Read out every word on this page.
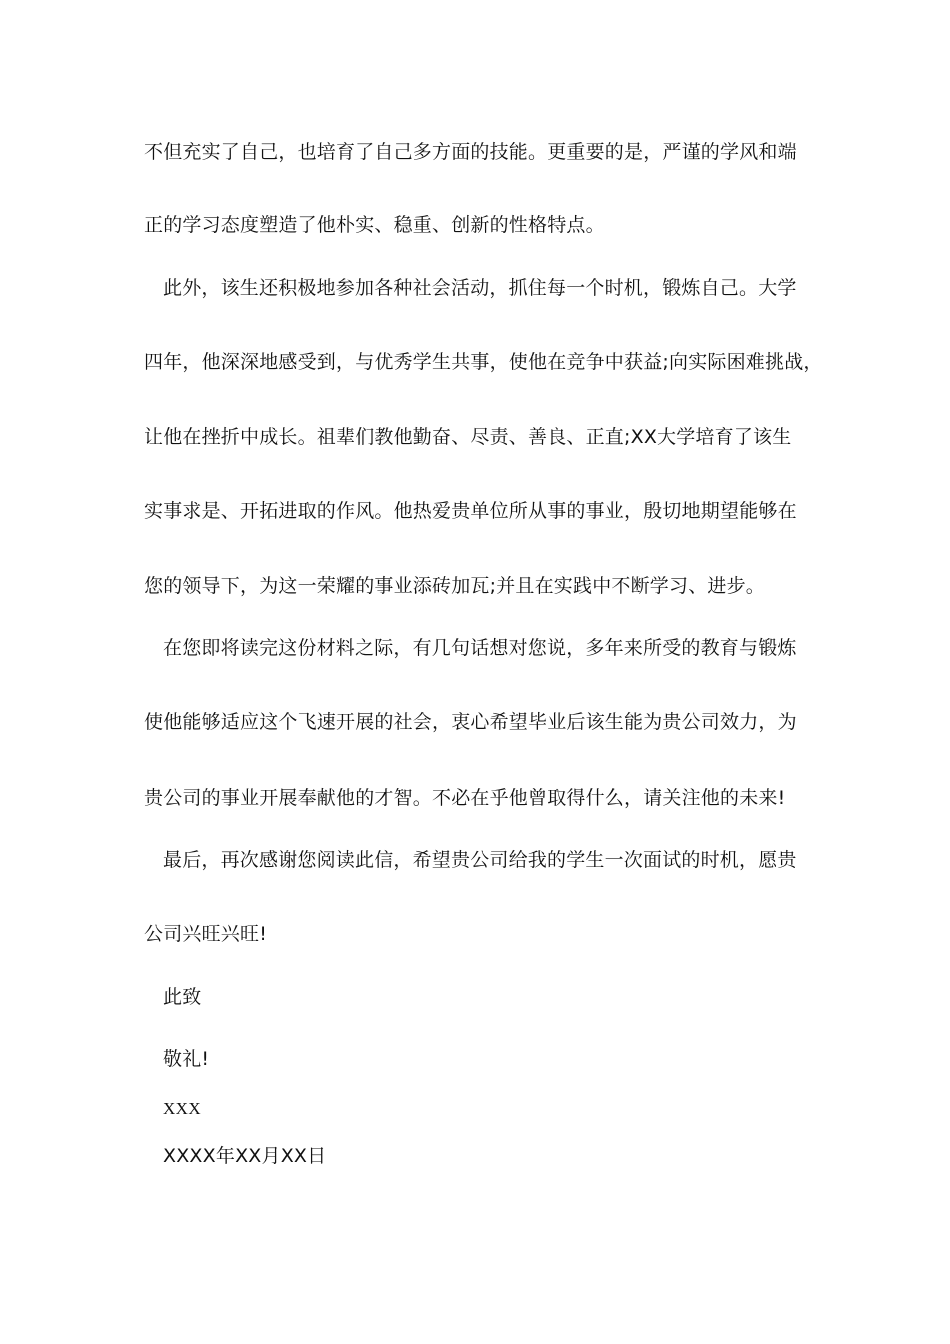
不但充实了自己，也培育了自己多方面的技能。更重要的是，严谨的学风和端
正的学习态度塑造了他朴实、稳重、创新的性格特点。
此外，该生还积极地参加各种社会活动，抓住每一个时机，锻炼自己。大学
四年，他深深地感受到，与优秀学生共事，使他在竞争中获益;向实际困难挑战，
让他在挫折中成长。祖辈们教他勤奋、尽责、善良、正直;XX大学培育了该生
实事求是、开拓进取的作风。他热爱贵单位所从事的事业，殷切地期望能够在
您的领导下，为这一荣耀的事业添砖加瓦;并且在实践中不断学习、进步。
在您即将读完这份材料之际，有几句话想对您说，多年来所受的教育与锻炼
使他能够适应这个飞速开展的社会，衷心希望毕业后该生能为贵公司效力，为
贵公司的事业开展奉献他的才智。不必在乎他曾取得什么，请关注他的未来!
最后，再次感谢您阅读此信，希望贵公司给我的学生一次面试的时机，愿贵
公司兴旺兴旺!
此致
敬礼!
XXX
XXXX年XX月XX日
